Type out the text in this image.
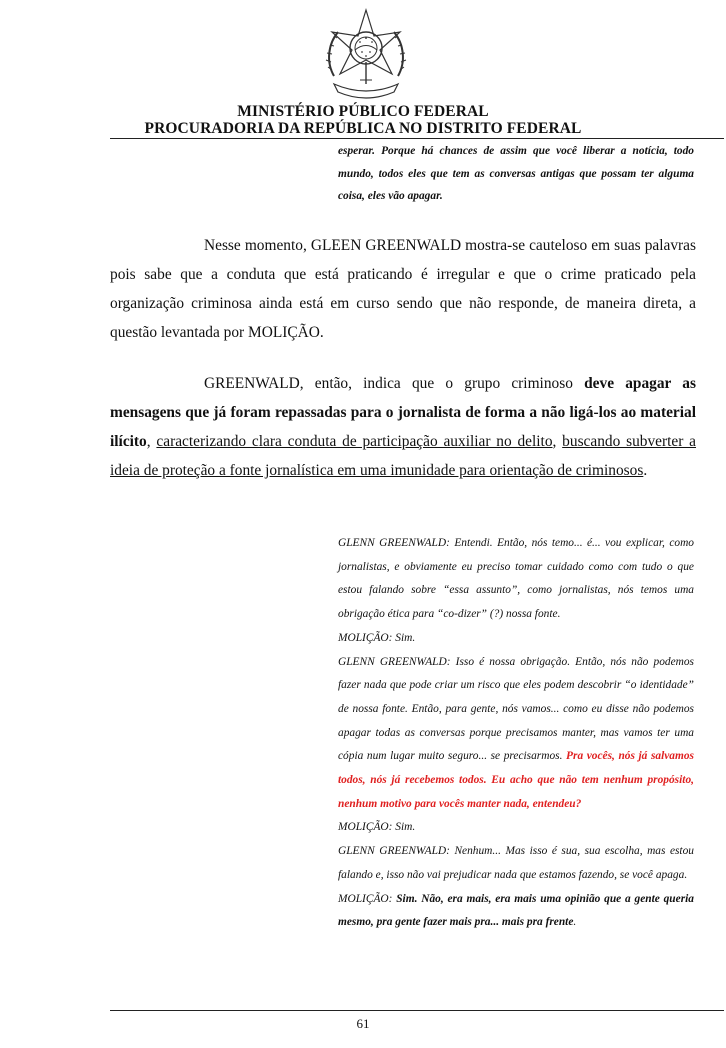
MINISTÉRIO PÚBLICO FEDERAL
PROCURADORIA DA REPÚBLICA NO DISTRITO FEDERAL

esperar. Porque há chances de assim que você liberar a notícia, todo mundo, todos eles que tem as conversas antigas que possam ter alguma coisa, eles vão apagar.

Nesse momento, GLEEN GREENWALD mostra-se cauteloso em suas palavras pois sabe que a conduta que está praticando é irregular e que o crime praticado pela organização criminosa ainda está em curso sendo que não responde, de maneira direta, a questão levantada por MOLIÇÃO.

GREENWALD, então, indica que o grupo criminoso deve apagar as mensagens que já foram repassadas para o jornalista de forma a não ligá-los ao material ilícito, caracterizando clara conduta de participação auxiliar no delito, buscando subverter a ideia de proteção a fonte jornalística em uma imunidade para orientação de criminosos.

GLENN GREENWALD: Entendi. Então, nós temo... é... vou explicar, como jornalistas, e obviamente eu preciso tomar cuidado como com tudo o que estou falando sobre “essa assunto”, como jornalistas, nós temos uma obrigação ética para “co-dizer” (?) nossa fonte.

MOLIÇÃO: Sim.

GLENN GREENWALD: Isso é nossa obrigação. Então, nós não podemos fazer nada que pode criar um risco que eles podem descobrir “o identidade” de nossa fonte. Então, para gente, nós vamos... como eu disse não podemos apagar todas as conversas porque precisamos manter, mas vamos ter uma cópia num lugar muito seguro... se precisarmos. Pra vocês, nós já salvamos todos, nós já recebemos todos. Eu acho que não tem nenhum propósito, nenhum motivo para vocês manter nada, entendeu?

MOLIÇÃO: Sim.

GLENN GREENWALD: Nenhum... Mas isso é sua, sua escolha, mas estou falando e, isso não vai prejudicar nada que estamos fazendo, se você apaga.

MOLIÇÃO: Sim. Não, era mais, era mais uma opinião que a gente queria mesmo, pra gente fazer mais pra... mais pra frente.

61
